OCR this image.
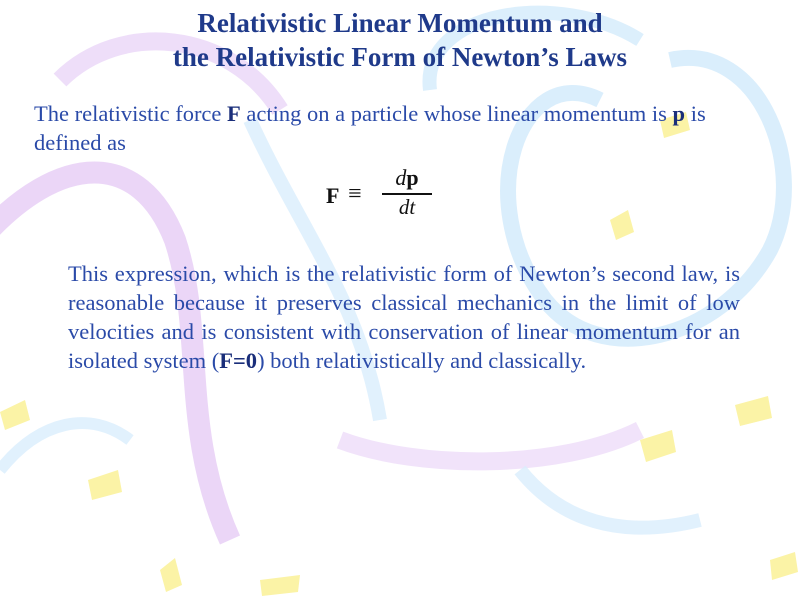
Relativistic Linear Momentum and
the Relativistic Form of Newton’s Laws
The relativistic force F acting on a particle whose linear momentum is p is defined as
F ≡
dp
dt
This expression, which is the relativistic form of Newton’s second law, is reasonable because it preserves classical mechanics in the limit of low velocities and is consistent with conservation of linear momentum for an isolated system (F=0) both relativistically and classically.
